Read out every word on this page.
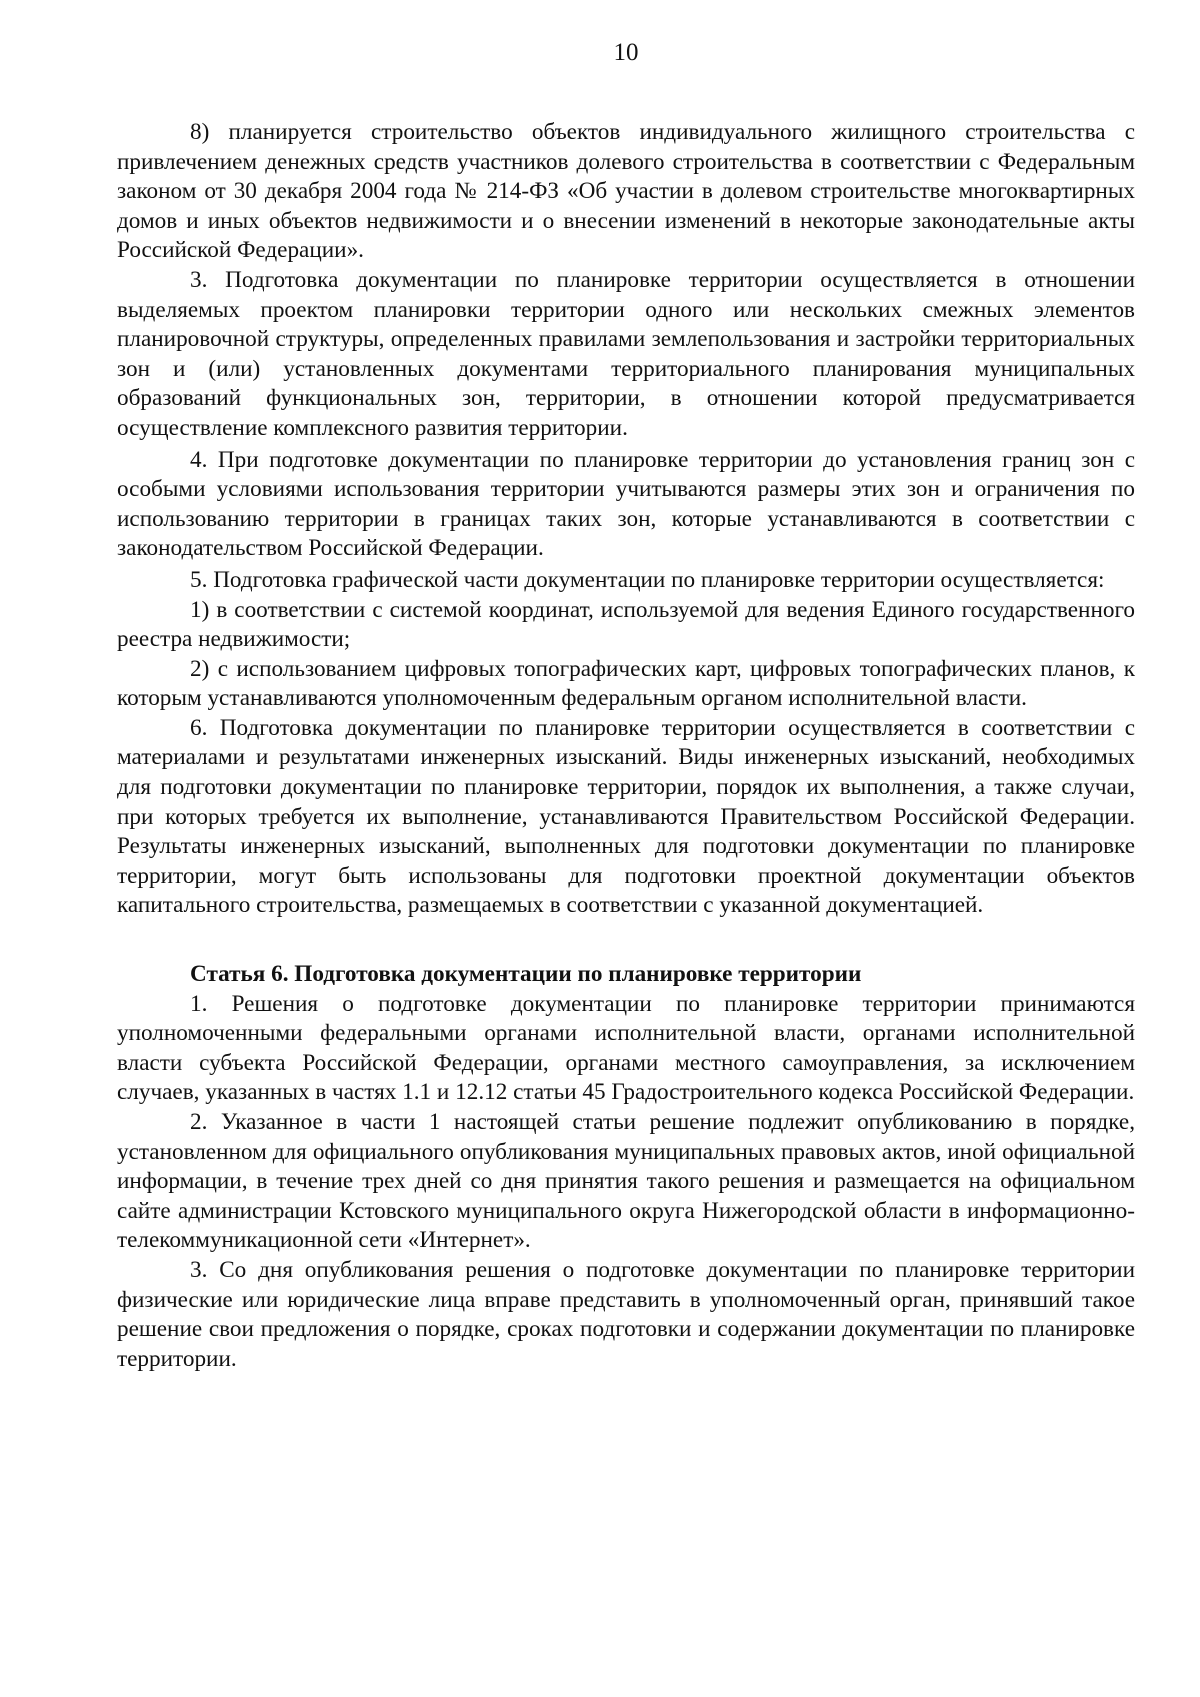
10

8) планируется строительство объектов индивидуального жилищного строительства с привлечением денежных средств участников долевого строительства в соответствии с Федеральным законом от 30 декабря 2004 года № 214-ФЗ «Об участии в долевом строительстве многоквартирных домов и иных объектов недвижимости и о внесении изменений в некоторые законодательные акты Российской Федерации».

3. Подготовка документации по планировке территории осуществляется в отношении выделяемых проектом планировки территории одного или нескольких смежных элементов планировочной структуры, определенных правилами землепользования и застройки территориальных зон и (или) установленных документами территориального планирования муниципальных образований функциональных зон, территории, в отношении которой предусматривается осуществление комплексного развития территории.

4. При подготовке документации по планировке территории до установления границ зон с особыми условиями использования территории учитываются размеры этих зон и ограничения по использованию территории в границах таких зон, которые устанавливаются в соответствии с законодательством Российской Федерации.

5. Подготовка графической части документации по планировке территории осуществляется:

1) в соответствии с системой координат, используемой для ведения Единого государственного реестра недвижимости;

2) с использованием цифровых топографических карт, цифровых топографических планов, к которым устанавливаются уполномоченным федеральным органом исполнительной власти.

6. Подготовка документации по планировке территории осуществляется в соответствии с материалами и результатами инженерных изысканий. Виды инженерных изысканий, необходимых для подготовки документации по планировке территории, порядок их выполнения, а также случаи, при которых требуется их выполнение, устанавливаются Правительством Российской Федерации. Результаты инженерных изысканий, выполненных для подготовки документации по планировке территории, могут быть использованы для подготовки проектной документации объектов капитального строительства, размещаемых в соответствии с указанной документацией.

Статья 6. Подготовка документации по планировке территории

1. Решения о подготовке документации по планировке территории принимаются уполномоченными федеральными органами исполнительной власти, органами исполнительной власти субъекта Российской Федерации, органами местного самоуправления, за исключением случаев, указанных в частях 1.1 и 12.12 статьи 45 Градостроительного кодекса Российской Федерации.

2. Указанное в части 1 настоящей статьи решение подлежит опубликованию в порядке, установленном для официального опубликования муниципальных правовых актов, иной официальной информации, в течение трех дней со дня принятия такого решения и размещается на официальном сайте администрации Кстовского муниципального округа Нижегородской области в информационно-телекоммуникационной сети «Интернет».

3. Со дня опубликования решения о подготовке документации по планировке территории физические или юридические лица вправе представить в уполномоченный орган, принявший такое решение свои предложения о порядке, сроках подготовки и содержании документации по планировке территории.
